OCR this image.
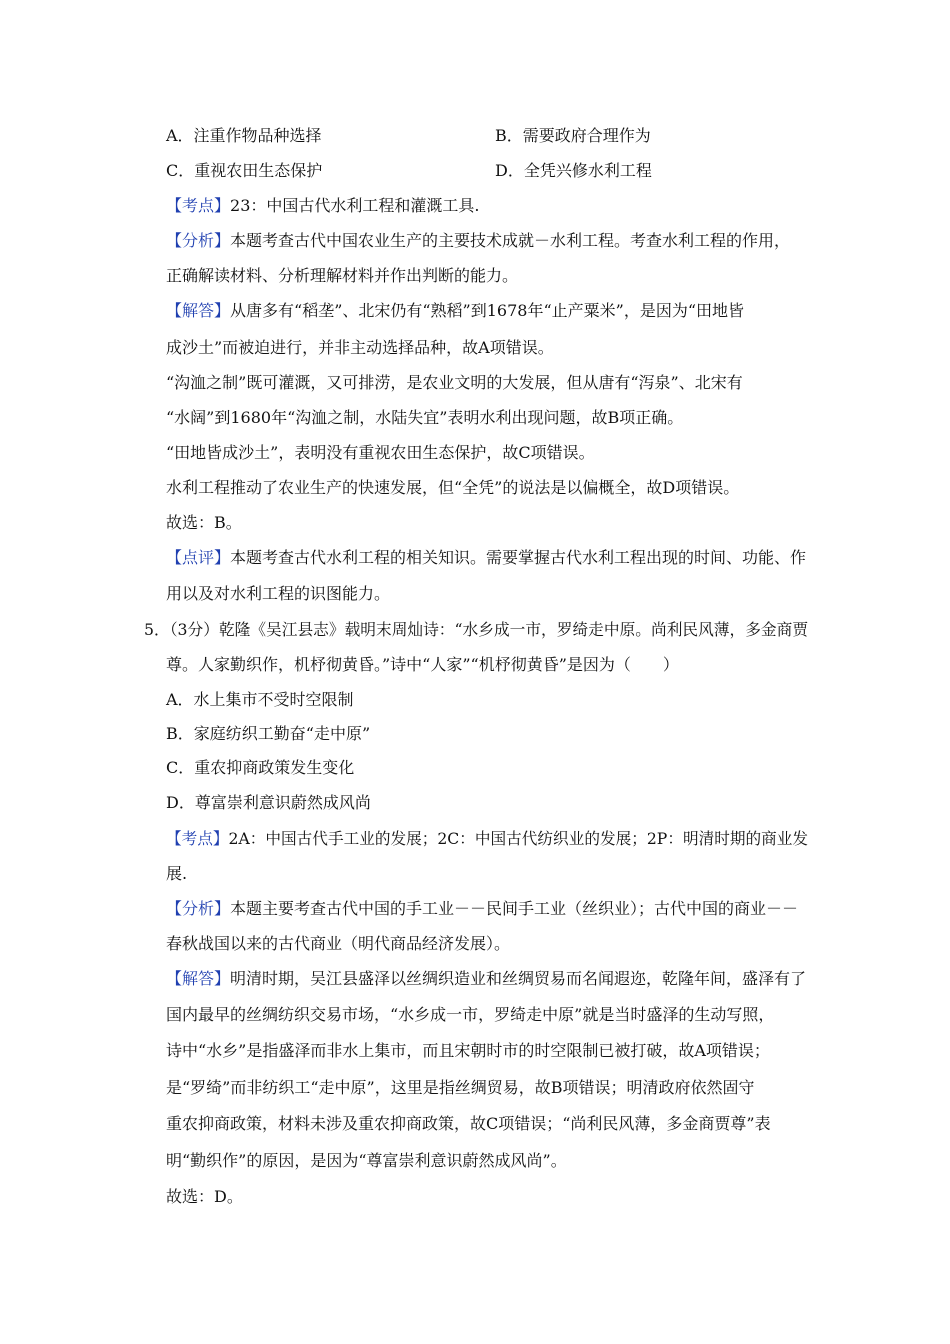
A．注重作物品种选择	B．需要政府合理作为
C．重视农田生态保护	D．全凭兴修水利工程
【考点】23：中国古代水利工程和灌溉工具.
【分析】本题考查古代中国农业生产的主要技术成就－水利工程。考查水利工程的作用，
正确解读材料、分析理解材料并作出判断的能力。
【解答】从唐多有“稻垄”、北宋仍有“熟稻”到1678年“止产粟米”，是因为“田地皆
成沙土”而被迫进行，并非主动选择品种，故A项错误。
“沟洫之制”既可灌溉，又可排涝，是农业文明的大发展，但从唐有“泻泉”、北宋有
“水阔”到1680年“沟洫之制，水陆失宜”表明水利出现问题，故B项正确。
“田地皆成沙土”，表明没有重视农田生态保护，故C项错误。
水利工程推动了农业生产的快速发展，但“全凭”的说法是以偏概全，故D项错误。
故选：B。
【点评】本题考查古代水利工程的相关知识。需要掌握古代水利工程出现的时间、功能、作
用以及对水利工程的识图能力。
5．（3分）乾隆《吴江县志》载明末周灿诗：“水乡成一市，罗绮走中原。尚利民风薄，多金商贾
尊。人家勤织作，机杼彻黄昏。”诗中“人家”“机杼彻黄昏”是因为（　　）
A．水上集市不受时空限制
B．家庭纺织工勤奋“走中原”
C．重农抑商政策发生变化
D．尊富崇利意识蔚然成风尚
【考点】2A：中国古代手工业的发展；2C：中国古代纺织业的发展；2P：明清时期的商业发
展.
【分析】本题主要考查古代中国的手工业－－民间手工业（丝织业）；古代中国的商业－－
春秋战国以来的古代商业（明代商品经济发展）。
【解答】明清时期，吴江县盛泽以丝绸织造业和丝绸贸易而名闻遐迩，乾隆年间，盛泽有了
国内最早的丝绸纺织交易市场，“水乡成一市，罗绮走中原”就是当时盛泽的生动写照，
诗中“水乡”是指盛泽而非水上集市，而且宋朝时市的时空限制已被打破，故A项错误；
是“罗绮”而非纺织工“走中原”，这里是指丝绸贸易，故B项错误；明清政府依然固守
重农抑商政策，材料未涉及重农抑商政策，故C项错误；“尚利民风薄，多金商贾尊”表
明“勤织作”的原因，是因为“尊富崇利意识蔚然成风尚”。
故选：D。
